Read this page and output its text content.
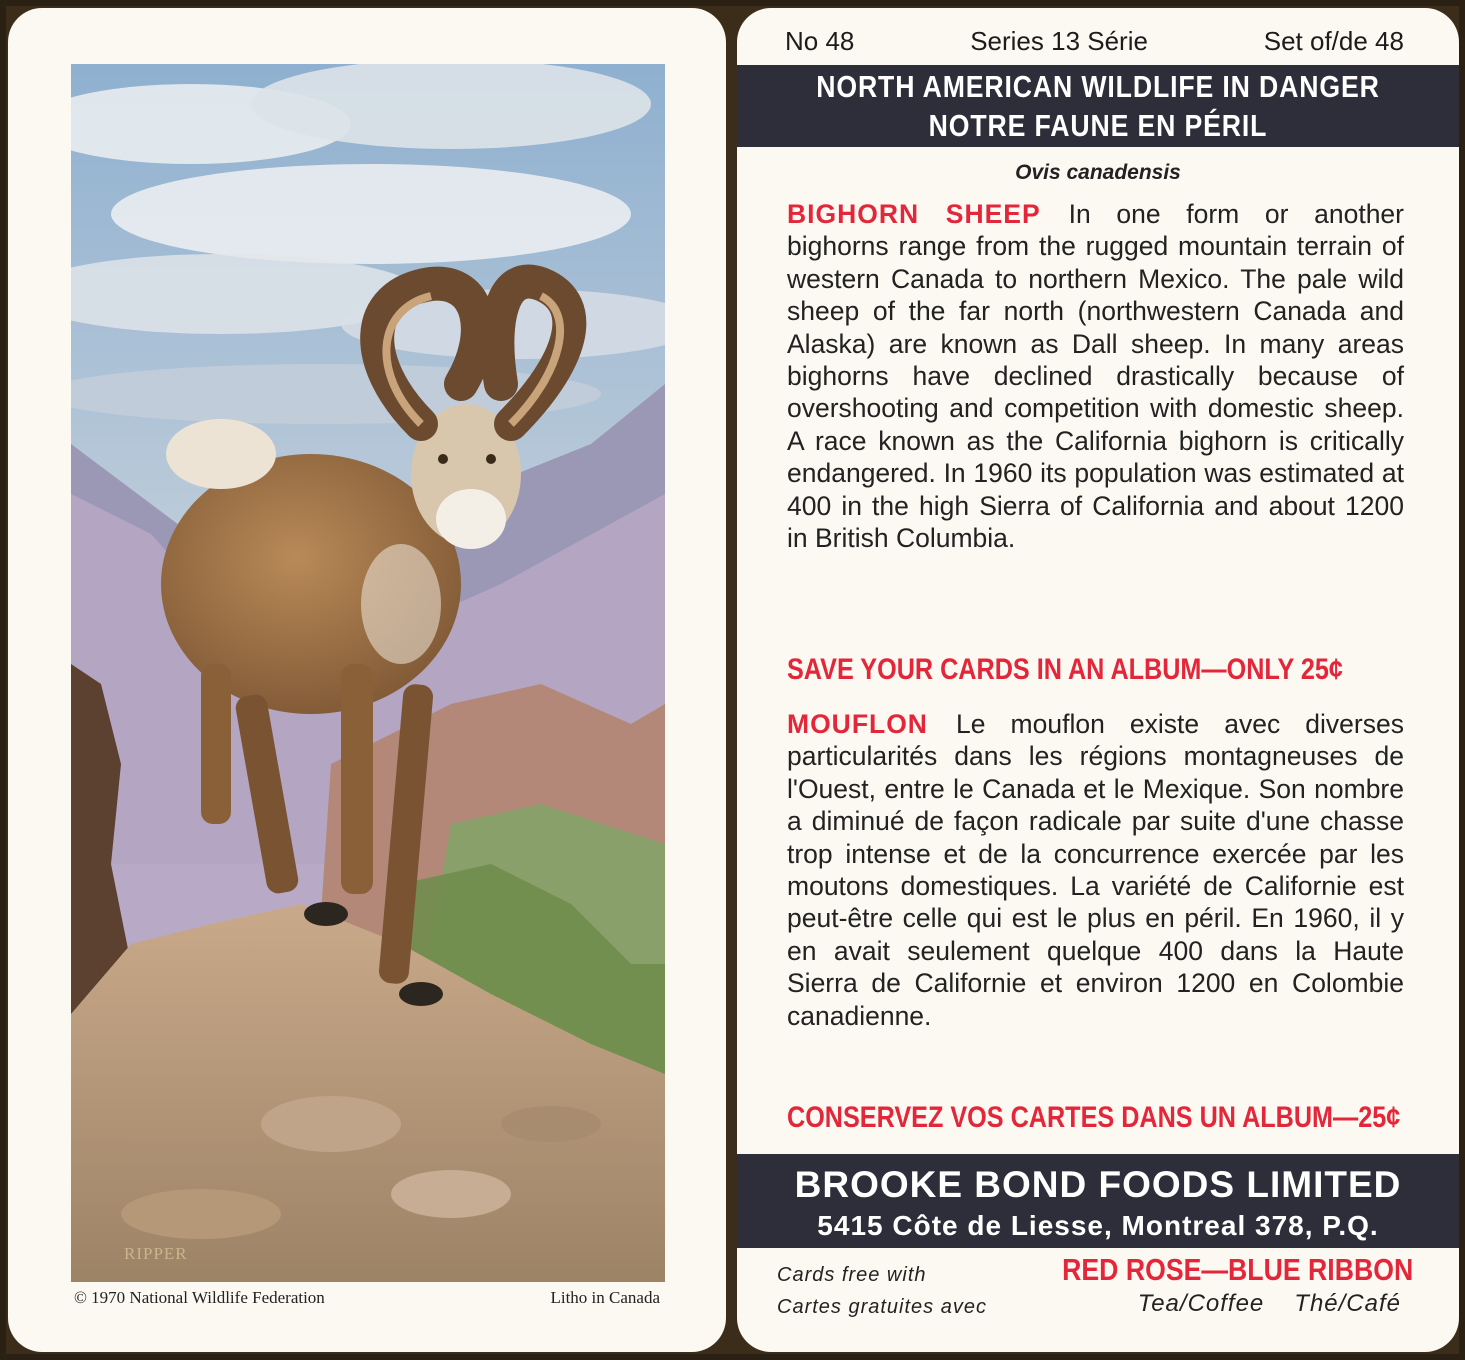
RIPPER
© 1970 National Wildlife Federation	Litho in Canada
No 48	Series 13 Série	Set of/de 48
NORTH AMERICAN WILDLIFE IN DANGER
NOTRE FAUNE EN PÉRIL
Ovis canadensis
BIGHORN SHEEP In one form or another bighorns range from the rugged mountain terrain of western Canada to northern Mexico. The pale wild sheep of the far north (northwestern Canada and Alaska) are known as Dall sheep. In many areas bighorns have declined drastically because of overshooting and competition with domestic sheep. A race known as the California bighorn is critically endangered. In 1960 its population was estimated at 400 in the high Sierra of California and about 1200 in British Columbia.
SAVE YOUR CARDS IN AN ALBUM—ONLY 25¢
MOUFLON Le mouflon existe avec diverses particularités dans les régions montagneuses de l'Ouest, entre le Canada et le Mexique. Son nombre a diminué de façon radicale par suite d'une chasse trop intense et de la concurrence exercée par les moutons domestiques. La variété de Californie est peut-être celle qui est le plus en péril. En 1960, il y en avait seulement quelque 400 dans la Haute Sierra de Californie et environ 1200 en Colombie canadienne.
CONSERVEZ VOS CARTES DANS UN ALBUM—25¢
BROOKE BOND FOODS LIMITED
5415 Côte de Liesse, Montreal 378, P.Q.
Cards free with
Cartes gratuites avec
RED ROSE—BLUE RIBBON
Tea/Coffee Thé/Café
